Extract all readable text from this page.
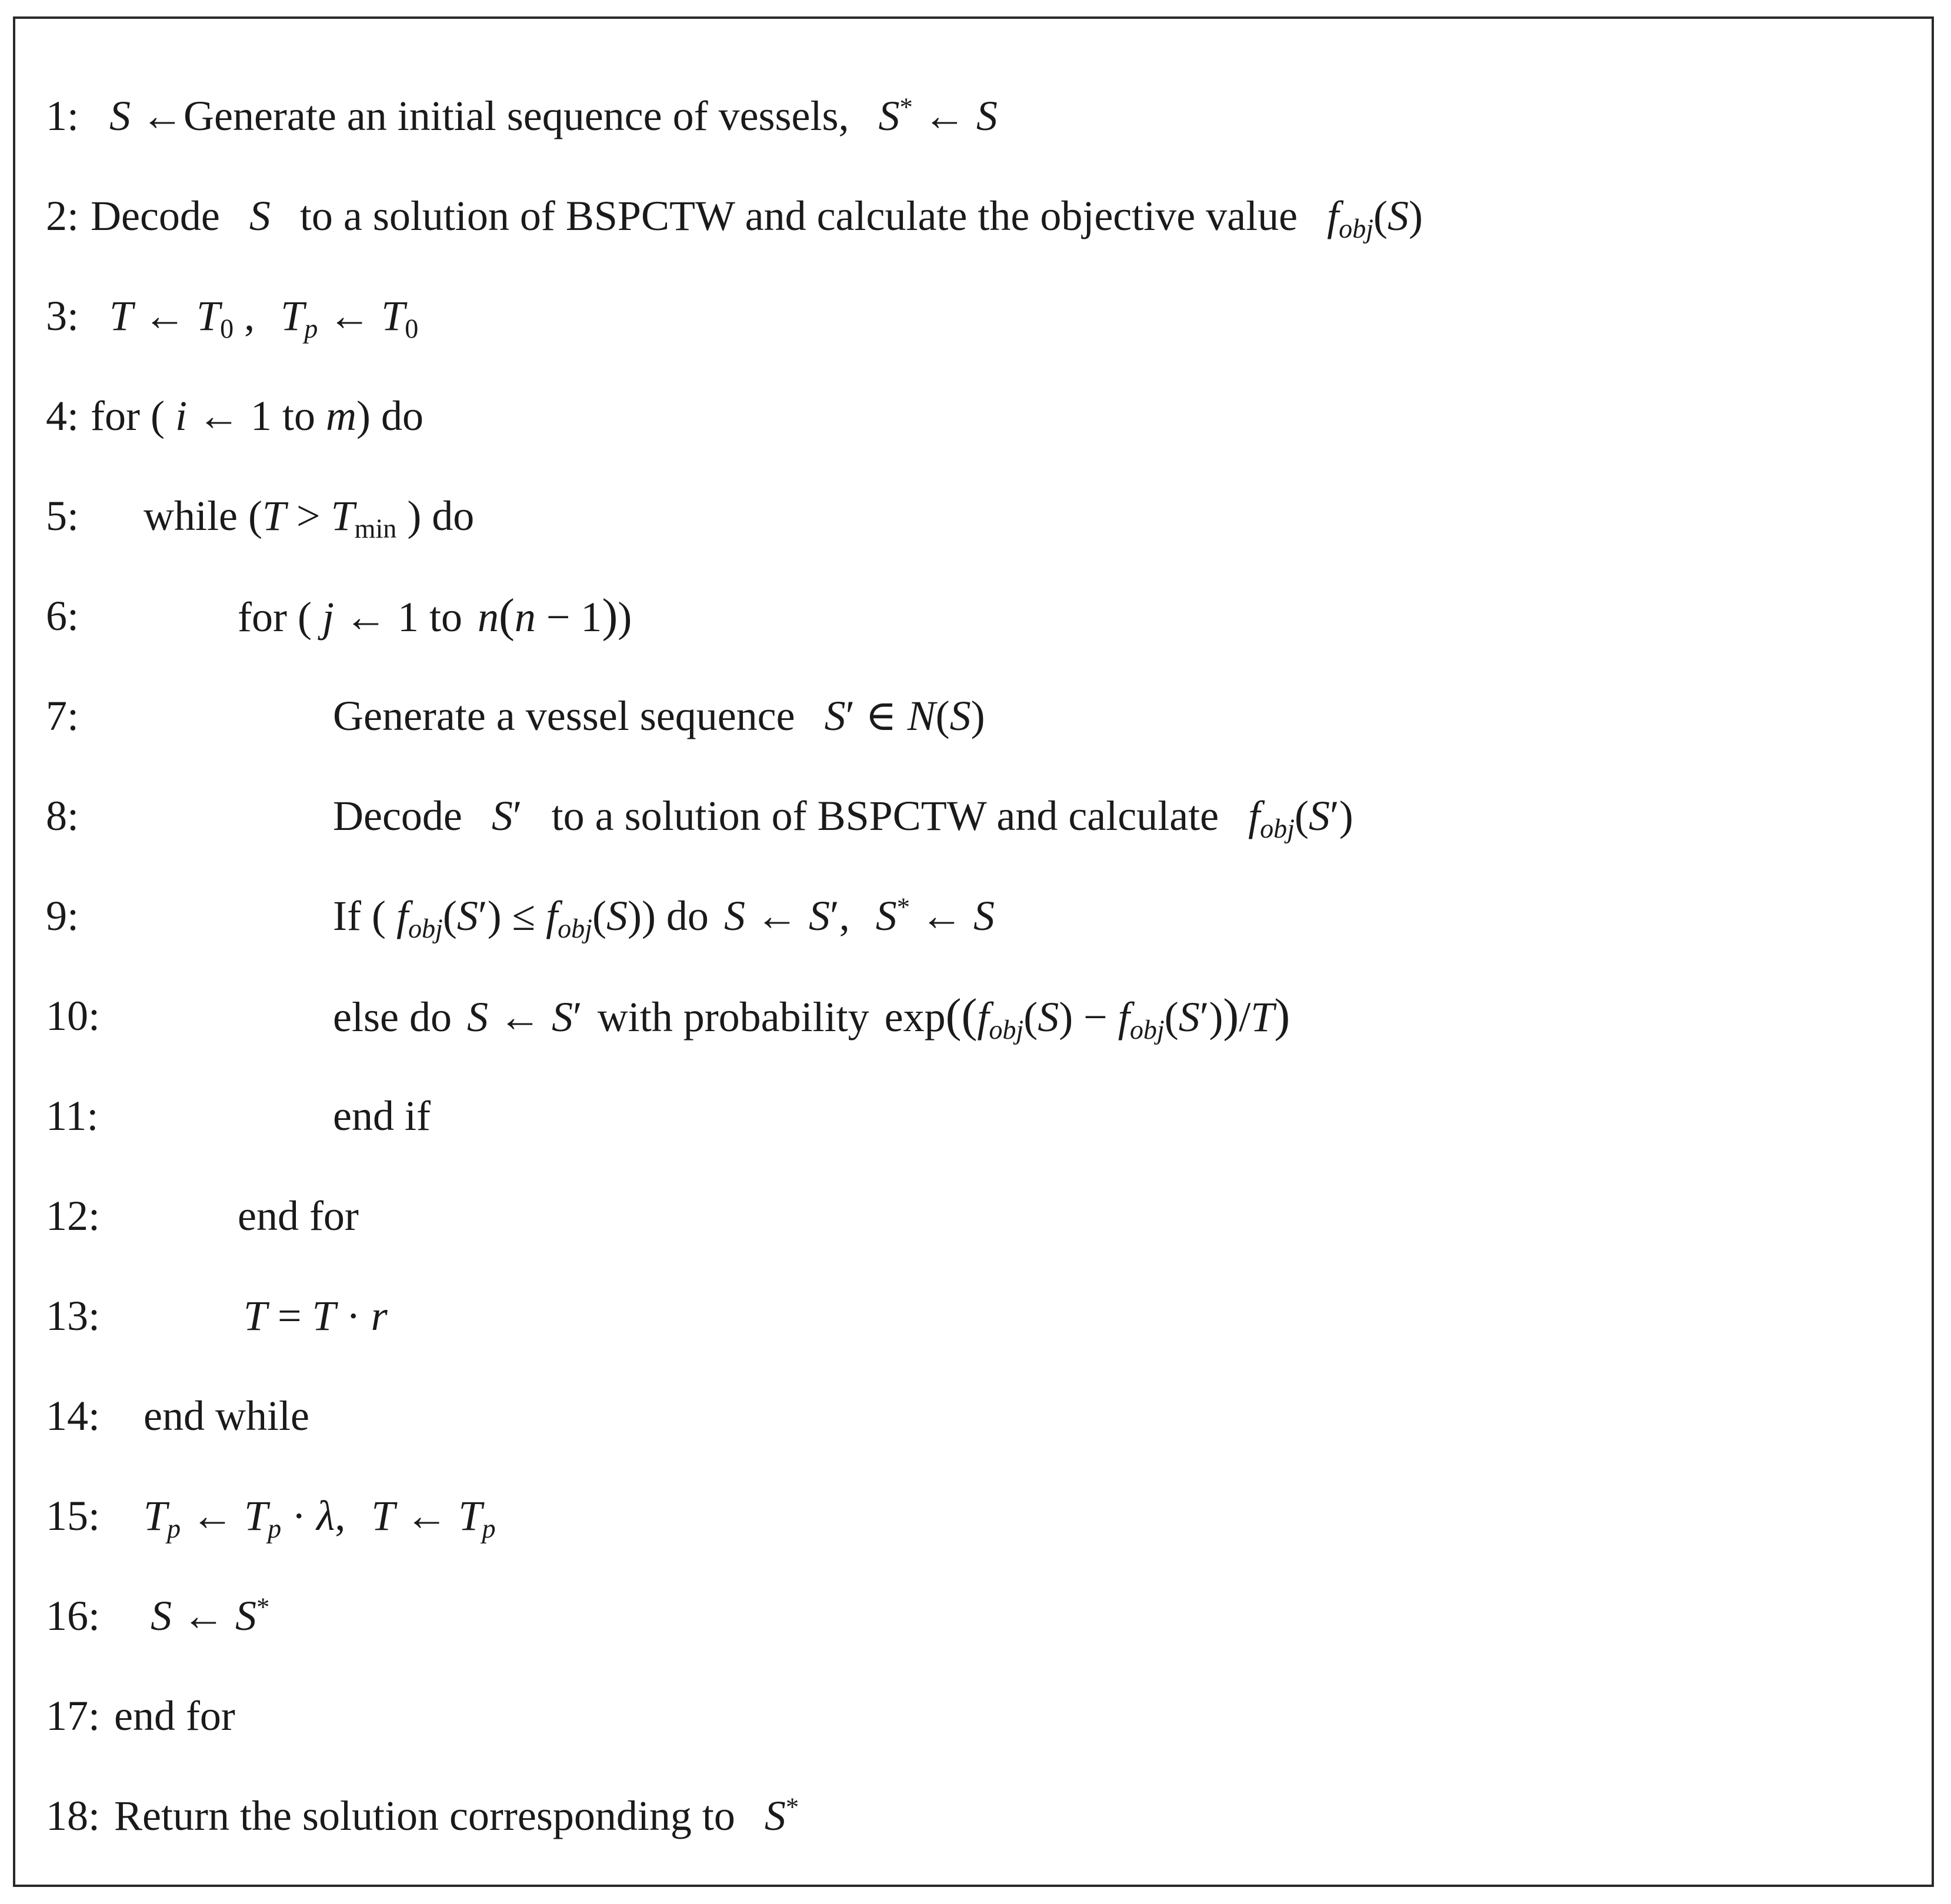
1: S ←Generate an initial sequence of vessels, S* ← S
2: Decode S to a solution of BSPCTW and calculate the objective value $f_{obj}(S)$
3: T ← $T_0$ , $T_p$ ← $T_0$
4: for ( i ← 1 to m) do
5: while ($T > T_{min}$ ) do
6:	for ( j ← 1 to n(n − 1))
7:	Generate a vessel sequence S′ ∈ N(S)
8:	Decode S′ to a solution of BSPCTW and calculate $f_{obj}(S')$
9:	If ( $f_{obj}(S') \le f_{obj}(S)$) do S ← S′, S* ← S
10:	else do S ← S′ with probability $\exp((f_{obj}(S) - f_{obj}(S'))/T)$
11:	end if
12:	end for
13:	T = T · r
14: end while
15: $T_p$ ← $T_p \cdot \lambda$, T ← $T_p$
16: S ← S*
17: end for
18: Return the solution corresponding to S*
